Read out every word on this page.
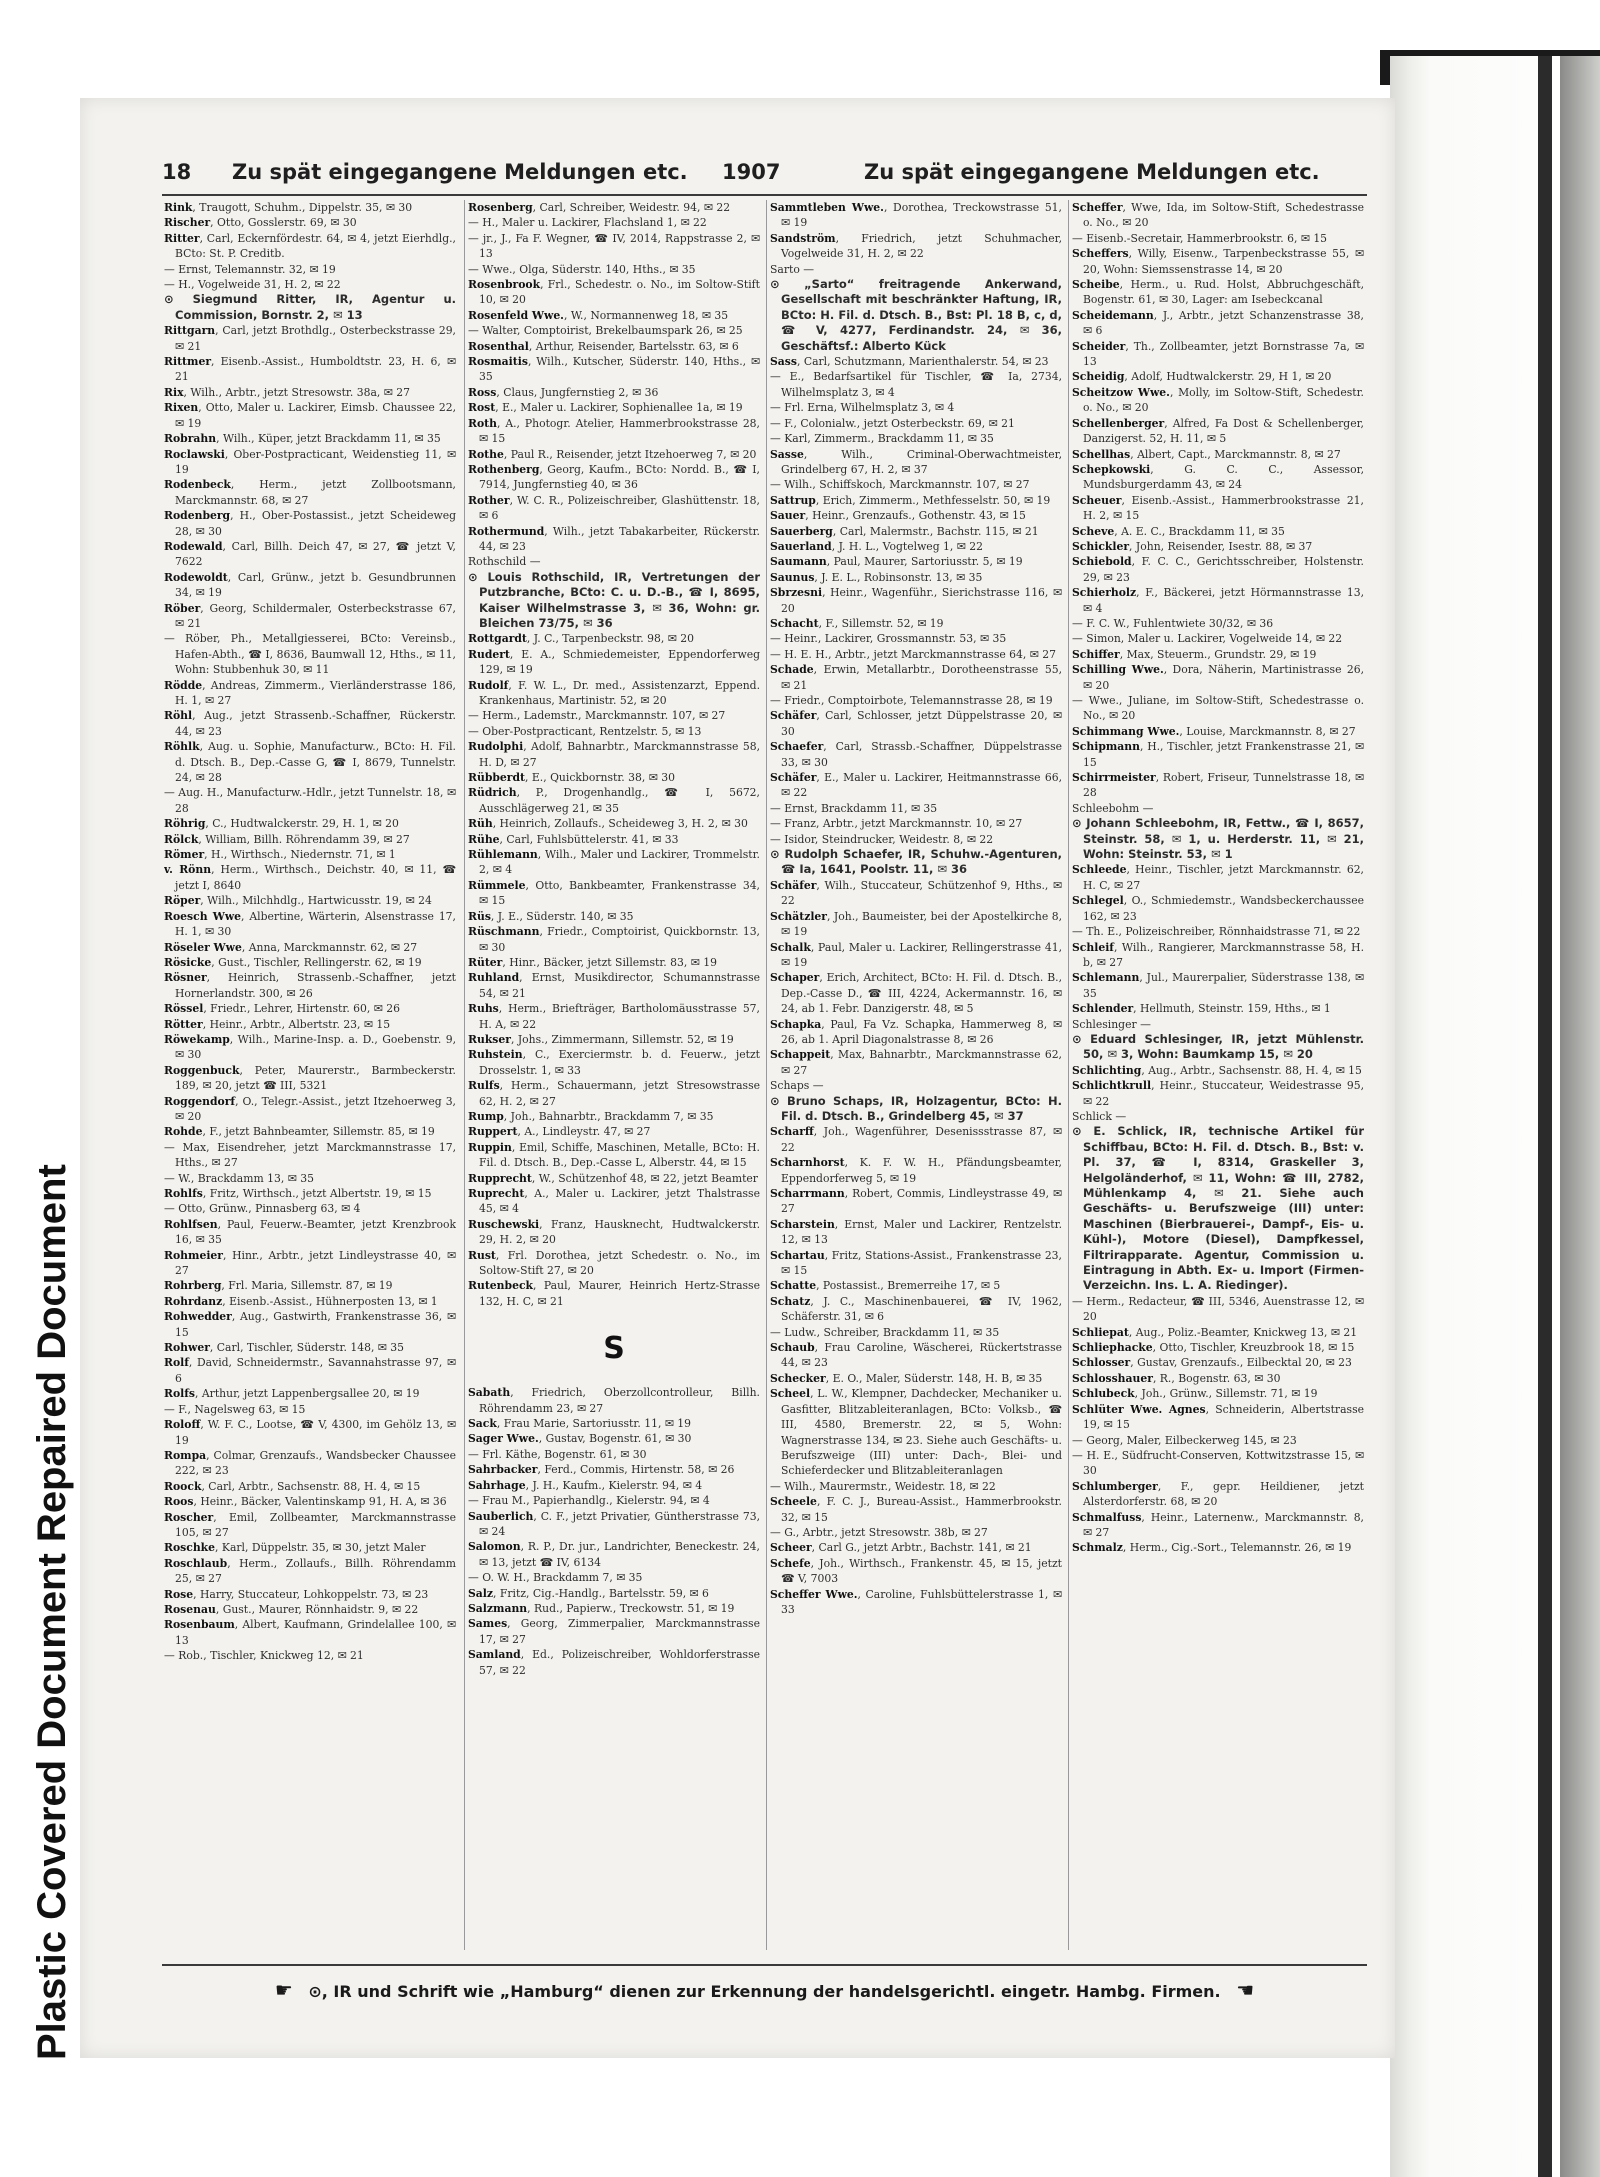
Plastic Covered Document Repaired Document
18 Zu spät eingegangene Meldungen etc. 1907	Zu spät eingegangene Meldungen etc.

Rink, Traugott, Schuhm., Dippelstr. 35, ✉ 30

Rischer, Otto, Gosslerstr. 69, ✉ 30

Ritter, Carl, Eckernfördestr. 64, ✉ 4, jetzt Eierhdlg., BCto: St. P. Creditb.

— Ernst, Telemannstr. 32, ✉ 19

— H., Vogelweide 31, H. 2, ✉ 22

⊙ Siegmund Ritter, IR, Agentur u. Commission, Bornstr. 2, ✉ 13

Rittgarn, Carl, jetzt Brothdlg., Osterbeckstrasse 29, ✉ 21

Rittmer, Eisenb.-Assist., Humboldtstr. 23, H. 6, ✉ 21

Rix, Wilh., Arbtr., jetzt Stresowstr. 38a, ✉ 27

Rixen, Otto, Maler u. Lackirer, Eimsb. Chaussee 22, ✉ 19

Robrahn, Wilh., Küper, jetzt Brackdamm 11, ✉ 35

Roclawski, Ober-Postpracticant, Weidenstieg 11, ✉ 19

Rodenbeck, Herm., jetzt Zollbootsmann, Marckmannstr. 68, ✉ 27

Rodenberg, H., Ober-Postassist., jetzt Scheideweg 28, ✉ 30

Rodewald, Carl, Billh. Deich 47, ✉ 27, ☎ jetzt V, 7622

Rodewoldt, Carl, Grünw., jetzt b. Gesundbrunnen 34, ✉ 19

Röber, Georg, Schildermaler, Osterbeckstrasse 67, ✉ 21

— Röber, Ph., Metallgiesserei, BCto: Vereinsb., Hafen-Abth., ☎ I, 8636, Baumwall 12, Hths., ✉ 11, Wohn: Stubbenhuk 30, ✉ 11

Rödde, Andreas, Zimmerm., Vierländerstrasse 186, H. 1, ✉ 27

Röhl, Aug., jetzt Strassenb.-Schaffner, Rückerstr. 44, ✉ 23

Röhlk, Aug. u. Sophie, Manufacturw., BCto: H. Fil. d. Dtsch. B., Dep.-Casse G, ☎ I, 8679, Tunnelstr. 24, ✉ 28

— Aug. H., Manufacturw.-Hdlr., jetzt Tunnelstr. 18, ✉ 28

Röhrig, C., Hudtwalckerstr. 29, H. 1, ✉ 20

Rölck, William, Billh. Röhrendamm 39, ✉ 27

Römer, H., Wirthsch., Niedernstr. 71, ✉ 1

v. Rönn, Herm., Wirthsch., Deichstr. 40, ✉ 11, ☎ jetzt I, 8640

Röper, Wilh., Milchhdlg., Hartwicusstr. 19, ✉ 24

Roesch Wwe, Albertine, Wärterin, Alsenstrasse 17, H. 1, ✉ 30

Röseler Wwe, Anna, Marckmannstr. 62, ✉ 27

Rösicke, Gust., Tischler, Rellingerstr. 62, ✉ 19

Rösner, Heinrich, Strassenb.-Schaffner, jetzt Hornerlandstr. 300, ✉ 26

Rössel, Friedr., Lehrer, Hirtenstr. 60, ✉ 26

Rötter, Heinr., Arbtr., Albertstr. 23, ✉ 15

Röwekamp, Wilh., Marine-Insp. a. D., Goebenstr. 9, ✉ 30

Roggenbuck, Peter, Maurerstr., Barmbeckerstr. 189, ✉ 20, jetzt ☎ III, 5321

Roggendorf, O., Telegr.-Assist., jetzt Itzehoerweg 3, ✉ 20

Rohde, F., jetzt Bahnbeamter, Sillemstr. 85, ✉ 19

— Max, Eisendreher, jetzt Marckmannstrasse 17, Hths., ✉ 27

— W., Brackdamm 13, ✉ 35

Rohlfs, Fritz, Wirthsch., jetzt Albertstr. 19, ✉ 15

— Otto, Grünw., Pinnasberg 63, ✉ 4

Rohlfsen, Paul, Feuerw.-Beamter, jetzt Krenzbrook 16, ✉ 35

Rohmeier, Hinr., Arbtr., jetzt Lindleystrasse 40, ✉ 27

Rohrberg, Frl. Maria, Sillemstr. 87, ✉ 19

Rohrdanz, Eisenb.-Assist., Hühnerposten 13, ✉ 1

Rohwedder, Aug., Gastwirth, Frankenstrasse 36, ✉ 15

Rohwer, Carl, Tischler, Süderstr. 148, ✉ 35

Rolf, David, Schneidermstr., Savannahstrasse 97, ✉ 6

Rolfs, Arthur, jetzt Lappenbergsallee 20, ✉ 19

— F., Nagelsweg 63, ✉ 15

Roloff, W. F. C., Lootse, ☎ V, 4300, im Gehölz 13, ✉ 19

Rompa, Colmar, Grenzaufs., Wandsbecker Chaussee 222, ✉ 23

Roock, Carl, Arbtr., Sachsenstr. 88, H. 4, ✉ 15

Roos, Heinr., Bäcker, Valentinskamp 91, H. A, ✉ 36

Roscher, Emil, Zollbeamter, Marckmannstrasse 105, ✉ 27

Roschke, Karl, Düppelstr. 35, ✉ 30, jetzt Maler

Roschlaub, Herm., Zollaufs., Billh. Röhrendamm 25, ✉ 27

Rose, Harry, Stuccateur, Lohkoppelstr. 73, ✉ 23

Rosenau, Gust., Maurer, Rönnhaidstr. 9, ✉ 22

Rosenbaum, Albert, Kaufmann, Grindelallee 100, ✉ 13

— Rob., Tischler, Knickweg 12, ✉ 21

Rosenberg, Carl, Schreiber, Weidestr. 94, ✉ 22

— H., Maler u. Lackirer, Flachsland 1, ✉ 22

— jr., J., Fa F. Wegner, ☎ IV, 2014, Rappstrasse 2, ✉ 13

— Wwe., Olga, Süderstr. 140, Hths., ✉ 35

Rosenbrook, Frl., Schedestr. o. No., im Soltow-Stift 10, ✉ 20

Rosenfeld Wwe., W., Normannenweg 18, ✉ 35

— Walter, Comptoirist, Brekelbaumspark 26, ✉ 25

Rosenthal, Arthur, Reisender, Bartelsstr. 63, ✉ 6

Rosmaitis, Wilh., Kutscher, Süderstr. 140, Hths., ✉ 35

Ross, Claus, Jungfernstieg 2, ✉ 36

Rost, E., Maler u. Lackirer, Sophienallee 1a, ✉ 19

Roth, A., Photogr. Atelier, Hammerbrookstrasse 28, ✉ 15

Rothe, Paul R., Reisender, jetzt Itzehoerweg 7, ✉ 20

Rothenberg, Georg, Kaufm., BCto: Nordd. B., ☎ I, 7914, Jungfernstieg 40, ✉ 36

Rother, W. C. R., Polizeischreiber, Glashüttenstr. 18, ✉ 6

Rothermund, Wilh., jetzt Tabakarbeiter, Rückerstr. 44, ✉ 23

Rothschild —

⊙ Louis Rothschild, IR, Vertretungen der Putzbranche, BCto: C. u. D.-B., ☎ I, 8695, Kaiser Wilhelmstrasse 3, ✉ 36, Wohn: gr. Bleichen 73/75, ✉ 36

Rottgardt, J. C., Tarpenbeckstr. 98, ✉ 20

Rudert, E. A., Schmiedemeister, Eppendorferweg 129, ✉ 19

Rudolf, F. W. L., Dr. med., Assistenzarzt, Eppend. Krankenhaus, Martinistr. 52, ✉ 20

— Herm., Lademstr., Marckmannstr. 107, ✉ 27

— Ober-Postpracticant, Rentzelstr. 5, ✉ 13

Rudolphi, Adolf, Bahnarbtr., Marckmannstrasse 58, H. D, ✉ 27

Rübberdt, E., Quickbornstr. 38, ✉ 30

Rüdrich, P., Drogenhandlg., ☎ I, 5672, Ausschlägerweg 21, ✉ 35

Rüh, Heinrich, Zollaufs., Scheideweg 3, H. 2, ✉ 30

Rühe, Carl, Fuhlsbüttelerstr. 41, ✉ 33

Rühlemann, Wilh., Maler und Lackirer, Trommelstr. 2, ✉ 4

Rümmele, Otto, Bankbeamter, Frankenstrasse 34, ✉ 15

Rüs, J. E., Süderstr. 140, ✉ 35

Rüschmann, Friedr., Comptoirist, Quickbornstr. 13, ✉ 30

Rüter, Hinr., Bäcker, jetzt Sillemstr. 83, ✉ 19

Ruhland, Ernst, Musikdirector, Schumannstrasse 54, ✉ 21

Ruhs, Herm., Briefträger, Bartholomäusstrasse 57, H. A, ✉ 22

Rukser, Johs., Zimmermann, Sillemstr. 52, ✉ 19

Ruhstein, C., Exerciermstr. b. d. Feuerw., jetzt Drosselstr. 1, ✉ 33

Rulfs, Herm., Schauermann, jetzt Stresowstrasse 62, H. 2, ✉ 27

Rump, Joh., Bahnarbtr., Brackdamm 7, ✉ 35

Ruppert, A., Lindleystr. 47, ✉ 27

Ruppin, Emil, Schiffe, Maschinen, Metalle, BCto: H. Fil. d. Dtsch. B., Dep.-Casse L, Alberstr. 44, ✉ 15

Rupprecht, W., Schützenhof 48, ✉ 22, jetzt Beamter

Ruprecht, A., Maler u. Lackirer, jetzt Thalstrasse 45, ✉ 4

Ruschewski, Franz, Hausknecht, Hudtwalckerstr. 29, H. 2, ✉ 20

Rust, Frl. Dorothea, jetzt Schedestr. o. No., im Soltow-Stift 27, ✉ 20

Rutenbeck, Paul, Maurer, Heinrich Hertz-Strasse 132, H. C, ✉ 21

S

Sabath, Friedrich, Oberzollcontrolleur, Billh. Röhrendamm 23, ✉ 27

Sack, Frau Marie, Sartoriusstr. 11, ✉ 19

Sager Wwe., Gustav, Bogenstr. 61, ✉ 30

— Frl. Käthe, Bogenstr. 61, ✉ 30

Sahrbacker, Ferd., Commis, Hirtenstr. 58, ✉ 26

Sahrhage, J. H., Kaufm., Kielerstr. 94, ✉ 4

— Frau M., Papierhandlg., Kielerstr. 94, ✉ 4

Sauberlich, C. F., jetzt Privatier, Güntherstrasse 73, ✉ 24

Salomon, R. P., Dr. jur., Landrichter, Beneckestr. 24, ✉ 13, jetzt ☎ IV, 6134

— O. W. H., Brackdamm 7, ✉ 35

Salz, Fritz, Cig.-Handlg., Bartelsstr. 59, ✉ 6

Salzmann, Rud., Papierw., Treckowstr. 51, ✉ 19

Sames, Georg, Zimmerpalier, Marckmannstrasse 17, ✉ 27

Samland, Ed., Polizeischreiber, Wohldorferstrasse 57, ✉ 22

Sammtleben Wwe., Dorothea, Treckowstrasse 51, ✉ 19

Sandström, Friedrich, jetzt Schuhmacher, Vogelweide 31, H. 2, ✉ 22

Sarto —

⊙ „Sarto“ freitragende Ankerwand, Gesellschaft mit beschränkter Haftung, IR, BCto: H. Fil. d. Dtsch. B., Bst: Pl. 18 B, c, d, ☎ V, 4277, Ferdinandstr. 24, ✉ 36, Geschäftsf.: Alberto Kück

Sass, Carl, Schutzmann, Marienthalerstr. 54, ✉ 23

— E., Bedarfsartikel für Tischler, ☎ Ia, 2734, Wilhelmsplatz 3, ✉ 4

— Frl. Erna, Wilhelmsplatz 3, ✉ 4

— F., Colonialw., jetzt Osterbeckstr. 69, ✉ 21

— Karl, Zimmerm., Brackdamm 11, ✉ 35

Sasse, Wilh., Criminal-Oberwachtmeister, Grindelberg 67, H. 2, ✉ 37

— Wilh., Schiffskoch, Marckmannstr. 107, ✉ 27

Sattrup, Erich, Zimmerm., Methfesselstr. 50, ✉ 19

Sauer, Heinr., Grenzaufs., Gothenstr. 43, ✉ 15

Sauerberg, Carl, Malermstr., Bachstr. 115, ✉ 21

Sauerland, J. H. L., Vogtelweg 1, ✉ 22

Saumann, Paul, Maurer, Sartoriusstr. 5, ✉ 19

Saunus, J. E. L., Robinsonstr. 13, ✉ 35

Sbrzesni, Heinr., Wagenführ., Sierichstrasse 116, ✉ 20

Schacht, F., Sillemstr. 52, ✉ 19

— Heinr., Lackirer, Grossmannstr. 53, ✉ 35

— H. E. H., Arbtr., jetzt Marckmannstrasse 64, ✉ 27

Schade, Erwin, Metallarbtr., Dorotheenstrasse 55, ✉ 21

— Friedr., Comptoirbote, Telemannstrasse 28, ✉ 19

Schäfer, Carl, Schlosser, jetzt Düppelstrasse 20, ✉ 30

Schaefer, Carl, Strassb.-Schaffner, Düppelstrasse 33, ✉ 30

Schäfer, E., Maler u. Lackirer, Heitmannstrasse 66, ✉ 22

— Ernst, Brackdamm 11, ✉ 35

— Franz, Arbtr., jetzt Marckmannstr. 10, ✉ 27

— Isidor, Steindrucker, Weidestr. 8, ✉ 22

⊙ Rudolph Schaefer, IR, Schuhw.-Agenturen, ☎ Ia, 1641, Poolstr. 11, ✉ 36

Schäfer, Wilh., Stuccateur, Schützenhof 9, Hths., ✉ 22

Schätzler, Joh., Baumeister, bei der Apostelkirche 8, ✉ 19

Schalk, Paul, Maler u. Lackirer, Rellingerstrasse 41, ✉ 19

Schaper, Erich, Architect, BCto: H. Fil. d. Dtsch. B., Dep.-Casse D., ☎ III, 4224, Ackermannstr. 16, ✉ 24, ab 1. Febr. Danzigerstr. 48, ✉ 5

Schapka, Paul, Fa Vz. Schapka, Hammerweg 8, ✉ 26, ab 1. April Diagonalstrasse 8, ✉ 26

Schappeit, Max, Bahnarbtr., Marckmannstrasse 62, ✉ 27

Schaps —

⊙ Bruno Schaps, IR, Holzagentur, BCto: H. Fil. d. Dtsch. B., Grindelberg 45, ✉ 37

Scharff, Joh., Wagenführer, Desenissstrasse 87, ✉ 22

Scharnhorst, K. F. W. H., Pfändungsbeamter, Eppendorferweg 5, ✉ 19

Scharrmann, Robert, Commis, Lindleystrasse 49, ✉ 27

Scharstein, Ernst, Maler und Lackirer, Rentzelstr. 12, ✉ 13

Schartau, Fritz, Stations-Assist., Frankenstrasse 23, ✉ 15

Schatte, Postassist., Bremerreihe 17, ✉ 5

Schatz, J. C., Maschinenbauerei, ☎ IV, 1962, Schäferstr. 31, ✉ 6

— Ludw., Schreiber, Brackdamm 11, ✉ 35

Schaub, Frau Caroline, Wäscherei, Rückertstrasse 44, ✉ 23

Schecker, E. O., Maler, Süderstr. 148, H. B, ✉ 35

Scheel, L. W., Klempner, Dachdecker, Mechaniker u. Gasfitter, Blitzableiteranlagen, BCto: Volksb., ☎ III, 4580, Bremerstr. 22, ✉ 5, Wohn: Wagnerstrasse 134, ✉ 23. Siehe auch Geschäfts- u. Berufszweige (III) unter: Dach-, Blei- und Schieferdecker und Blitzableiteranlagen

— Wilh., Maurermstr., Weidestr. 18, ✉ 22

Scheele, F. C. J., Bureau-Assist., Hammerbrookstr. 32, ✉ 15

— G., Arbtr., jetzt Stresowstr. 38b, ✉ 27

Scheer, Carl G., jetzt Arbtr., Bachstr. 141, ✉ 21

Schefe, Joh., Wirthsch., Frankenstr. 45, ✉ 15, jetzt ☎ V, 7003

Scheffer Wwe., Caroline, Fuhlsbüttelerstrasse 1, ✉ 33

Scheffer, Wwe, Ida, im Soltow-Stift, Schedestrasse o. No., ✉ 20

— Eisenb.-Secretair, Hammerbrookstr. 6, ✉ 15

Scheffers, Willy, Eisenw., Tarpenbeckstrasse 55, ✉ 20, Wohn: Siemssenstrasse 14, ✉ 20

Scheibe, Herm., u. Rud. Holst, Abbruchgeschäft, Bogenstr. 61, ✉ 30, Lager: am Isebeckcanal

Scheidemann, J., Arbtr., jetzt Schanzenstrasse 38, ✉ 6

Scheider, Th., Zollbeamter, jetzt Bornstrasse 7a, ✉ 13

Scheidig, Adolf, Hudtwalckerstr. 29, H 1, ✉ 20

Scheitzow Wwe., Molly, im Soltow-Stift, Schedestr. o. No., ✉ 20

Schellenberger, Alfred, Fa Dost & Schellenberger, Danzigerst. 52, H. 11, ✉ 5

Schellhas, Albert, Capt., Marckmannstr. 8, ✉ 27

Schepkowski, G. C. C., Assessor, Mundsburgerdamm 43, ✉ 24

Scheuer, Eisenb.-Assist., Hammerbrookstrasse 21, H. 2, ✉ 15

Scheve, A. E. C., Brackdamm 11, ✉ 35

Schickler, John, Reisender, Isestr. 88, ✉ 37

Schiebold, F. C. C., Gerichtsschreiber, Holstenstr. 29, ✉ 23

Schierholz, F., Bäckerei, jetzt Hörmannstrasse 13, ✉ 4

— F. C. W., Fuhlentwiete 30/32, ✉ 36

— Simon, Maler u. Lackirer, Vogelweide 14, ✉ 22

Schiffer, Max, Steuerm., Grundstr. 29, ✉ 19

Schilling Wwe., Dora, Näherin, Martinistrasse 26, ✉ 20

— Wwe., Juliane, im Soltow-Stift, Schedestrasse o. No., ✉ 20

Schimmang Wwe., Louise, Marckmannstr. 8, ✉ 27

Schipmann, H., Tischler, jetzt Frankenstrasse 21, ✉ 15

Schirrmeister, Robert, Friseur, Tunnelstrasse 18, ✉ 28

Schleebohm —

⊙ Johann Schleebohm, IR, Fettw., ☎ I, 8657, Steinstr. 58, ✉ 1, u. Herderstr. 11, ✉ 21, Wohn: Steinstr. 53, ✉ 1

Schleede, Heinr., Tischler, jetzt Marckmannstr. 62, H. C, ✉ 27

Schlegel, O., Schmiedemstr., Wandsbeckerchaussee 162, ✉ 23

— Th. E., Polizeischreiber, Rönnhaidstrasse 71, ✉ 22

Schleif, Wilh., Rangierer, Marckmannstrasse 58, H. b, ✉ 27

Schlemann, Jul., Maurerpalier, Süderstrasse 138, ✉ 35

Schlender, Hellmuth, Steinstr. 159, Hths., ✉ 1

Schlesinger —

⊙ Eduard Schlesinger, IR, jetzt Mühlenstr. 50, ✉ 3, Wohn: Baumkamp 15, ✉ 20

Schlichting, Aug., Arbtr., Sachsenstr. 88, H. 4, ✉ 15

Schlichtkrull, Heinr., Stuccateur, Weidestrasse 95, ✉ 22

Schlick —

⊙ E. Schlick, IR, technische Artikel für Schiffbau, BCto: H. Fil. d. Dtsch. B., Bst: v. Pl. 37, ☎ I, 8314, Graskeller 3, Helgoländerhof, ✉ 11, Wohn: ☎ III, 2782, Mühlenkamp 4, ✉ 21. Siehe auch Geschäfts- u. Berufszweige (III) unter: Maschinen (Bierbrauerei-, Dampf-, Eis- u. Kühl-), Motore (Diesel), Dampfkessel, Filtrirapparate. Agentur, Commission u. Eintragung in Abth. Ex- u. Import (Firmen-Verzeichn. Ins. L. A. Riedinger).

— Herm., Redacteur, ☎ III, 5346, Auenstrasse 12, ✉ 20

Schliepat, Aug., Poliz.-Beamter, Knickweg 13, ✉ 21

Schliephacke, Otto, Tischler, Kreuzbrook 18, ✉ 15

Schlosser, Gustav, Grenzaufs., Eilbecktal 20, ✉ 23

Schlosshauer, R., Bogenstr. 63, ✉ 30

Schlubeck, Joh., Grünw., Sillemstr. 71, ✉ 19

Schlüter Wwe. Agnes, Schneiderin, Albertstrasse 19, ✉ 15

— Georg, Maler, Eilbeckerweg 145, ✉ 23

— H. E., Südfrucht-Conserven, Kottwitzstrasse 15, ✉ 30

Schlumberger, F., gepr. Heildiener, jetzt Alsterdorferstr. 68, ✉ 20

Schmalfuss, Heinr., Laternenw., Marckmannstr. 8, ✉ 27

Schmalz, Herm., Cig.-Sort., Telemannstr. 26, ✉ 19

☛ ⊙, IR und Schrift wie „Hamburg“ dienen zur Erkennung der handelsgerichtl. eingetr. Hambg. Firmen. ☚
